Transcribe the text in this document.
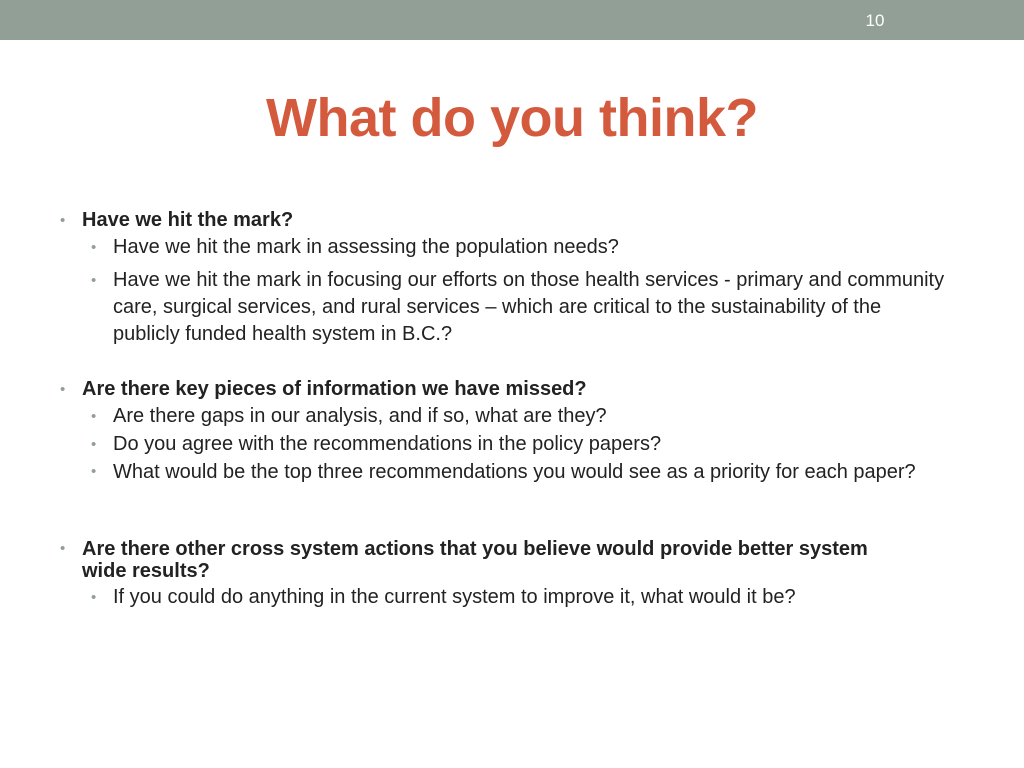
10
What do you think?
• Have we hit the mark?
• Have we hit the mark in assessing the population needs?
• Have we hit the mark in focusing our efforts on those health services - primary and community care, surgical services, and rural services – which are critical to the sustainability of the publicly funded health system in B.C.?
• Are there key pieces of information we have missed?
• Are there gaps in our analysis, and if so, what are they?
• Do you agree with the recommendations in the policy papers?
• What would be the top three recommendations you would see as a priority for each paper?
• Are there other cross system actions that you believe would provide better system wide results?
• If you could do anything in the current system to improve it, what would it be?
